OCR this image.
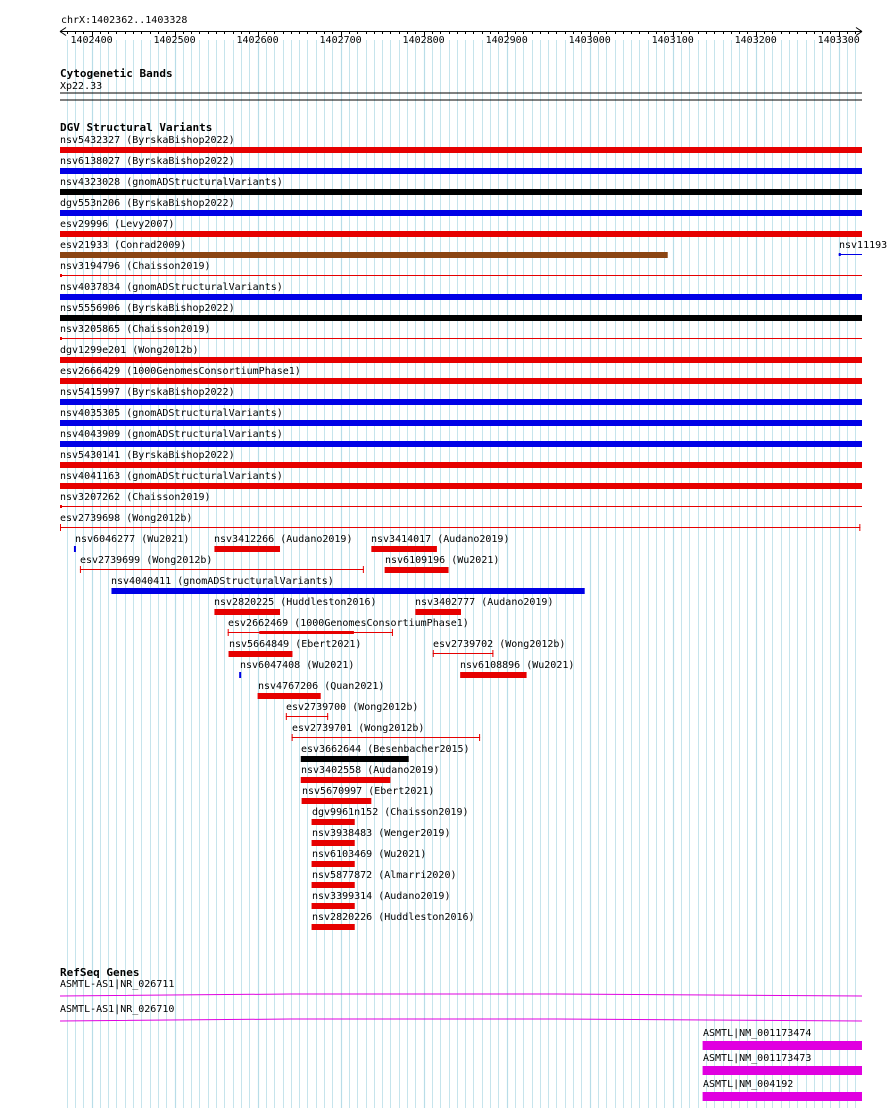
chrX:1402362..1403328
1402400	1402500	1402600	1402700	1402800	1402900	1403000	1403100	1403200	1403300
Cytogenetic Bands
Xp22.33
DGV Structural Variants
nsv5432327 (ByrskaBishop2022)
nsv6138027 (ByrskaBishop2022)
nsv4323028 (gnomADStructuralVariants)
dgv553n206 (ByrskaBishop2022)
esv29996 (Levy2007)
esv21933 (Conrad2009)	nsv11193
nsv3194796 (Chaisson2019)
nsv4037834 (gnomADStructuralVariants)
nsv5556906 (ByrskaBishop2022)
nsv3205865 (Chaisson2019)
dgv1299e201 (Wong2012b)
esv2666429 (1000GenomesConsortiumPhase1)
nsv5415997 (ByrskaBishop2022)
nsv4035305 (gnomADStructuralVariants)
nsv4043909 (gnomADStructuralVariants)
nsv5430141 (ByrskaBishop2022)
nsv4041163 (gnomADStructuralVariants)
nsv3207262 (Chaisson2019)
esv2739698 (Wong2012b)
nsv6046277 (Wu2021) nsv3412266 (Audano2019) nsv3414017 (Audano2019)
esv2739699 (Wong2012b)	nsv6109196 (Wu2021)
nsv4040411 (gnomADStructuralVariants)
nsv2820225 (Huddleston2016)	nsv3402777 (Audano2019)
esv2662469 (1000GenomesConsortiumPhase1)
nsv5664849 (Ebert2021)	esv2739702 (Wong2012b)
nsv6047408 (Wu2021)	nsv6108896 (Wu2021)
nsv4767206 (Quan2021)
esv2739700 (Wong2012b)
esv2739701 (Wong2012b)
esv3662644 (Besenbacher2015)
nsv3402558 (Audano2019)
nsv5670997 (Ebert2021)
dgv9961n152 (Chaisson2019)
nsv3938483 (Wenger2019)
nsv6103469 (Wu2021)
nsv5877872 (Almarri2020)
nsv3399314 (Audano2019)
nsv2820226 (Huddleston2016)
RefSeq Genes
ASMTL-AS1|NR_026711
ASMTL-AS1|NR_026710
ASMTL|NM_001173474
ASMTL|NM_001173473
ASMTL|NM_004192
